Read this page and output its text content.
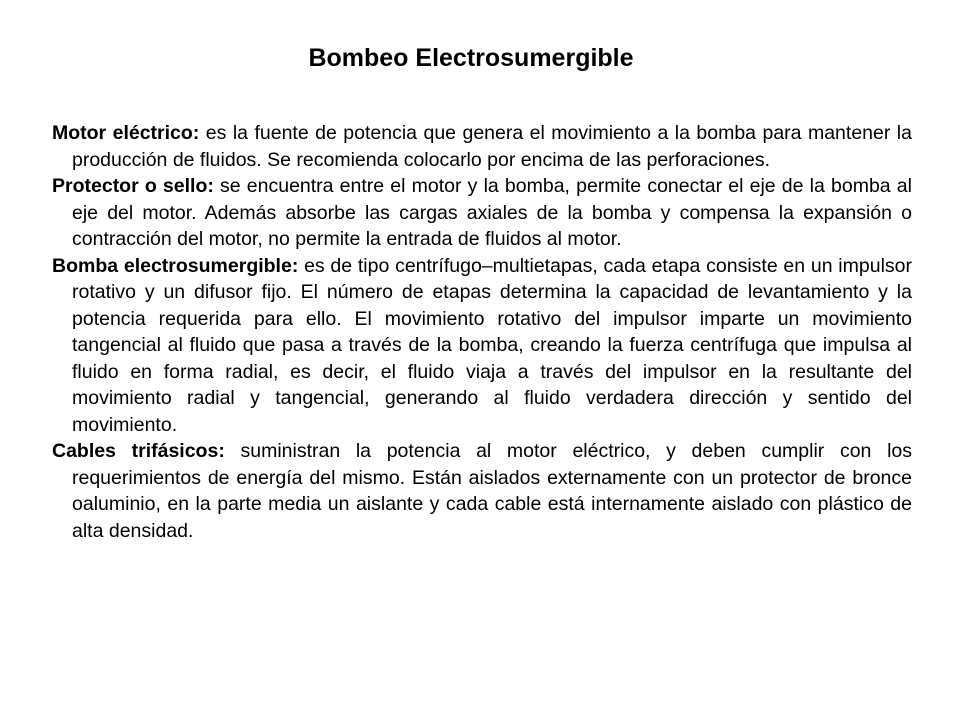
Bombeo Electrosumergible

Motor eléctrico: es la fuente de potencia que genera el movimiento a la bomba para mantener la producción de fluidos. Se recomienda colocarlo por encima de las perforaciones.

Protector o sello: se encuentra entre el motor y la bomba, permite conectar el eje de la bomba al eje del motor. Además absorbe las cargas axiales de la bomba y compensa la expansión o contracción del motor, no permite la entrada de fluidos al motor.

Bomba electrosumergible: es de tipo centrífugo–multietapas, cada etapa consiste en un impulsor rotativo y un difusor fijo. El número de etapas determina la capacidad de levantamiento y la potencia requerida para ello. El movimiento rotativo del impulsor imparte un movimiento tangencial al fluido que pasa a través de la bomba, creando la fuerza centrífuga que impulsa al fluido en forma radial, es decir, el fluido viaja a través del impulsor en la resultante del movimiento radial y tangencial, generando al fluido verdadera dirección y sentido del movimiento.

Cables trifásicos: suministran la potencia al motor eléctrico, y deben cumplir con los requerimientos de energía del mismo. Están aislados externamente con un protector de bronce oaluminio, en la parte media un aislante y cada cable está internamente aislado con plástico de alta densidad.
